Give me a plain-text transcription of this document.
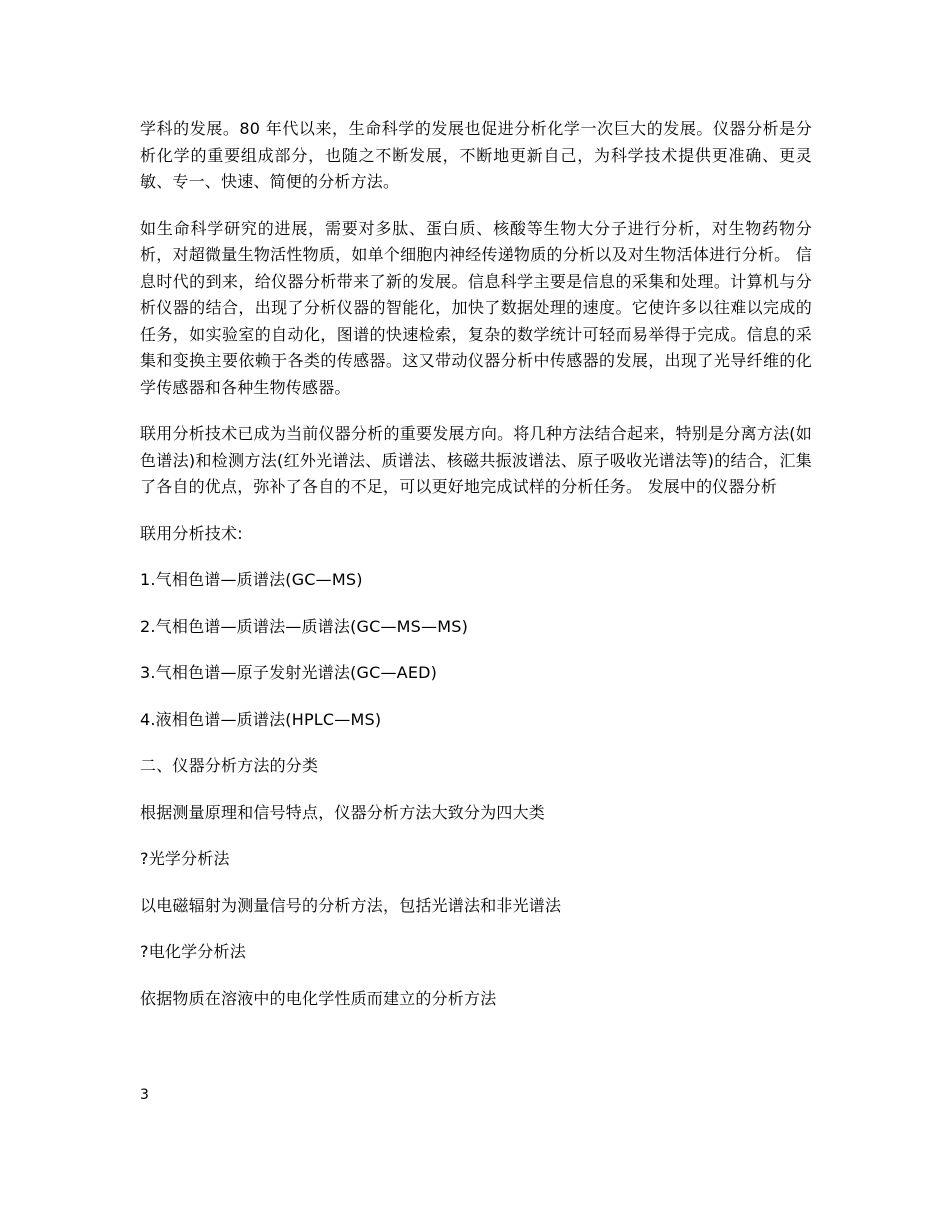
学科的发展。80 年代以来，生命科学的发展也促进分析化学一次巨大的发展。仪器分析是分析化学的重要组成部分，也随之不断发展，不断地更新自己，为科学技术提供更准确、更灵敏、专一、快速、简便的分析方法。

如生命科学研究的进展，需要对多肽、蛋白质、核酸等生物大分子进行分析，对生物药物分析，对超微量生物活性物质，如单个细胞内神经传递物质的分析以及对生物活体进行分析。 信息时代的到来，给仪器分析带来了新的发展。信息科学主要是信息的采集和处理。计算机与分析仪器的结合，出现了分析仪器的智能化，加快了数据处理的速度。它使许多以往难以完成的任务，如实验室的自动化，图谱的快速检索，复杂的数学统计可轻而易举得于完成。信息的采集和变换主要依赖于各类的传感器。这又带动仪器分析中传感器的发展，出现了光导纤维的化学传感器和各种生物传感器。

联用分析技术已成为当前仪器分析的重要发展方向。将几种方法结合起来，特别是分离方法(如色谱法)和检测方法(红外光谱法、质谱法、核磁共振波谱法、原子吸收光谱法等)的结合，汇集了各自的优点，弥补了各自的不足，可以更好地完成试样的分析任务。 发展中的仪器分析

联用分析技术:

1.气相色谱—质谱法(GC—MS)

2.气相色谱—质谱法—质谱法(GC—MS—MS)

3.气相色谱—原子发射光谱法(GC—AED)

4.液相色谱—质谱法(HPLC—MS)

二、仪器分析方法的分类

根据测量原理和信号特点，仪器分析方法大致分为四大类

?光学分析法

以电磁辐射为测量信号的分析方法，包括光谱法和非光谱法

?电化学分析法

依据物质在溶液中的电化学性质而建立的分析方法

3
